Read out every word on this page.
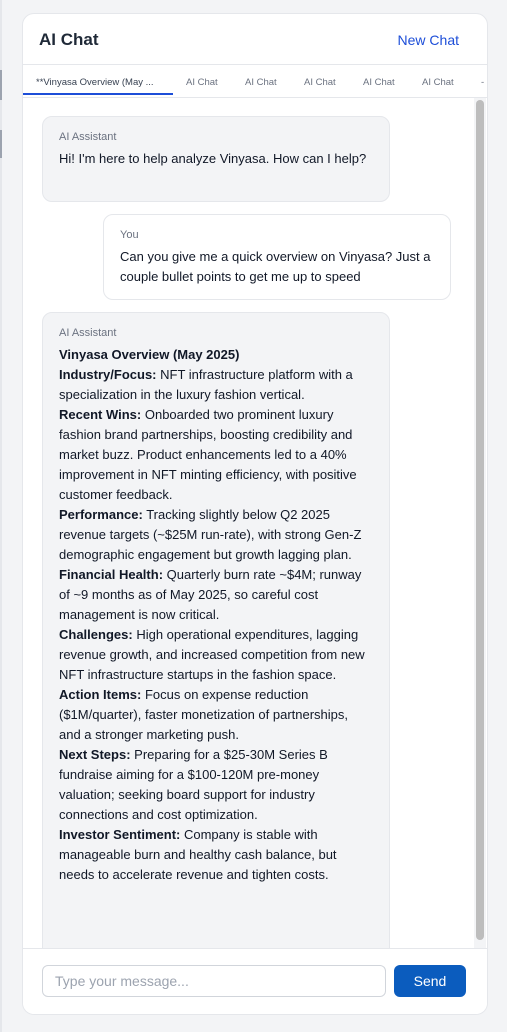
AI Chat	New Chat
**Vinyasa Overview (May ...	AI Chat	AI Chat	AI Chat	AI Chat	AI Chat	-
AI Assistant
Hi! I'm here to help analyze Vinyasa. How can I help?
You
Can you give me a quick overview on Vinyasa? Just a couple bullet points to get me up to speed
AI Assistant
Vinyasa Overview (May 2025)
Industry/Focus: NFT infrastructure platform with a specialization in the luxury fashion vertical.
Recent Wins: Onboarded two prominent luxury fashion brand partnerships, boosting credibility and market buzz. Product enhancements led to a 40% improvement in NFT minting efficiency, with positive customer feedback.
Performance: Tracking slightly below Q2 2025 revenue targets (~$25M run-rate), with strong Gen-Z demographic engagement but growth lagging plan.
Financial Health: Quarterly burn rate ~$4M; runway of ~9 months as of May 2025, so careful cost management is now critical.
Challenges: High operational expenditures, lagging revenue growth, and increased competition from new NFT infrastructure startups in the fashion space.
Action Items: Focus on expense reduction ($1M/quarter), faster monetization of partnerships, and a stronger marketing push.
Next Steps: Preparing for a $25-30M Series B fundraise aiming for a $100-120M pre-money valuation; seeking board support for industry connections and cost optimization.
Investor Sentiment: Company is stable with manageable burn and healthy cash balance, but needs to accelerate revenue and tighten costs.
Type your message...
Send
